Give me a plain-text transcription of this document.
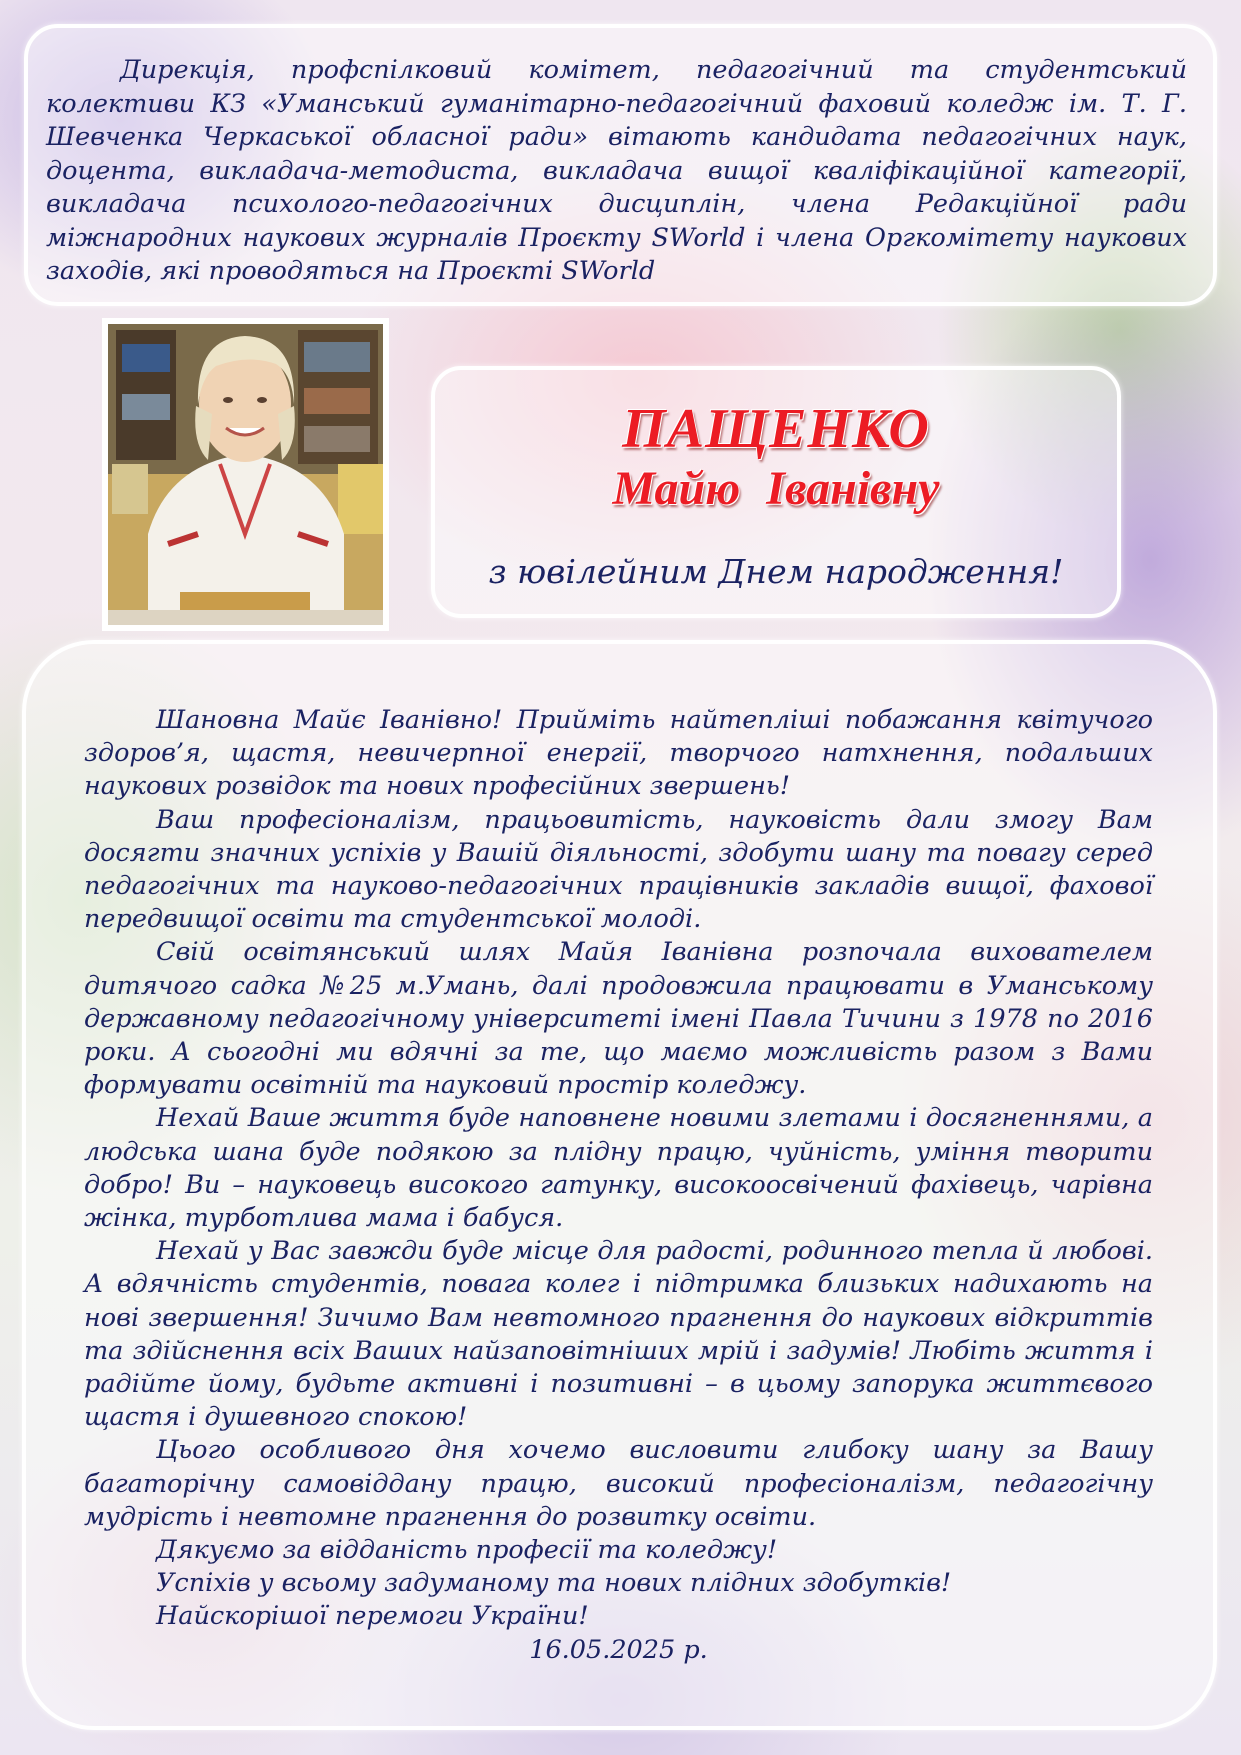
Дирекція, профспілковий комітет, педагогічний та студентський колективи КЗ «Уманський гуманітарно-педагогічний фаховий коледж ім. Т. Г. Шевченка Черкаської обласної ради» вітають кандидата педагогічних наук, доцента, викладача-методиста, викладача вищої кваліфікаційної категорії, викладача психолого-педагогічних дисциплін, члена Редакційної ради міжнародних наукових журналів Проєкту SWorld і члена Оргкомітету наукових заходів, які проводяться на Проєкті SWorld

ПАЩЕНКО

Майю Іванівну

з ювілейним Днем народження!

Шановна Майє Іванівно! Прийміть найтепліші побажання квітучого здоров’я, щастя, невичерпної енергії, творчого натхнення, подальших наукових розвідок та нових професійних звершень!

Ваш професіоналізм, працьовитість, науковість дали змогу Вам досягти значних успіхів у Вашій діяльності, здобути шану та повагу серед педагогічних та науково-педагогічних працівників закладів вищої, фахової передвищої освіти та студентської молоді.

Свій освітянський шлях Майя Іванівна розпочала вихователем дитячого садка №25 м.Умань, далі продовжила працювати в Уманському державному педагогічному університеті імені Павла Тичини з 1978 по 2016 роки. А сьогодні ми вдячні за те, що маємо можливість разом з Вами формувати освітній та науковий простір коледжу.

Нехай Ваше життя буде наповнене новими злетами і досягненнями, а людська шана буде подякою за плідну працю, чуйність, уміння творити добро! Ви – науковець високого гатунку, високоосвічений фахівець, чарівна жінка, турботлива мама і бабуся.

Нехай у Вас завжди буде місце для радості, родинного тепла й любові. А вдячність студентів, повага колег і підтримка близьких надихають на нові звершення! Зичимо Вам невтомного прагнення до наукових відкриттів та здійснення всіх Ваших найзаповітніших мрій і задумів! Любіть життя і радійте йому, будьте активні і позитивні – в цьому запорука життєвого щастя і душевного спокою!

Цього особливого дня хочемо висловити глибоку шану за Вашу багаторічну самовіддану працю, високий професіоналізм, педагогічну мудрість і невтомне прагнення до розвитку освіти.

Дякуємо за відданість професії та коледжу!

Успіхів у всьому задуманому та нових плідних здобутків!

Найскорішої перемоги України!

16.05.2025 р.
